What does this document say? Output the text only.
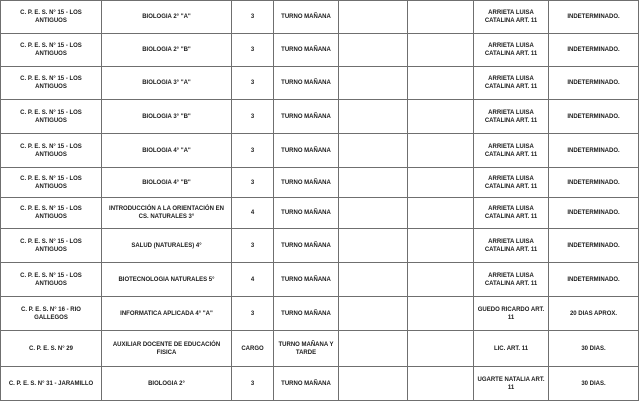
C. P. E. S. N° 15 - LOS ANTIGUOS	BIOLOGIA 2° "A"	3	TURNO MAÑANA			ARRIETA LUISA CATALINA ART. 11	INDETERMINADO.
C. P. E. S. N° 15 - LOS ANTIGUOS	BIOLOGIA 2° "B"	3	TURNO MAÑANA			ARRIETA LUISA CATALINA ART. 11	INDETERMINADO.
C. P. E. S. N° 15 - LOS ANTIGUOS	BIOLOGIA 3° "A"	3	TURNO MAÑANA			ARRIETA LUISA CATALINA ART. 11	INDETERMINADO.
C. P. E. S. N° 15 - LOS ANTIGUOS	BIOLOGIA 3° "B"	3	TURNO MAÑANA			ARRIETA LUISA CATALINA ART. 11	INDETERMINADO.
C. P. E. S. N° 15 - LOS ANTIGUOS	BIOLOGIA 4° "A"	3	TURNO MAÑANA			ARRIETA LUISA CATALINA ART. 11	INDETERMINADO.
C. P. E. S. N° 15 - LOS ANTIGUOS	BIOLOGIA 4° "B"	3	TURNO MAÑANA			ARRIETA LUISA CATALINA ART. 11	INDETERMINADO.
C. P. E. S. N° 15 - LOS ANTIGUOS	INTRODUCCIÓN A LA ORIENTACIÓN EN CS. NATURALES 3°	4	TURNO MAÑANA			ARRIETA LUISA CATALINA ART. 11	INDETERMINADO.
C. P. E. S. N° 15 - LOS ANTIGUOS	SALUD (NATURALES) 4°	3	TURNO MAÑANA			ARRIETA LUISA CATALINA ART. 11	INDETERMINADO.
C. P. E. S. N° 15 - LOS ANTIGUOS	BIOTECNOLOGIA NATURALES 5°	4	TURNO MAÑANA			ARRIETA LUISA CATALINA ART. 11	INDETERMINADO.
C. P. E. S. N° 16 - RIO GALLEGOS	INFORMATICA APLICADA 4° "A"	3	TURNO MAÑANA			GUEDO RICARDO ART. 11	20 DIAS APROX.
C. P. E. S. N° 29	AUXILIAR DOCENTE DE EDUCACIÓN FISICA	CARGO	TURNO MAÑANA Y TARDE			LIC. ART. 11	30 DIAS.
C. P. E. S. N° 31 - JARAMILLO	BIOLOGIA 2°	3	TURNO MAÑANA			UGARTE NATALIA ART. 11	30 DIAS.
